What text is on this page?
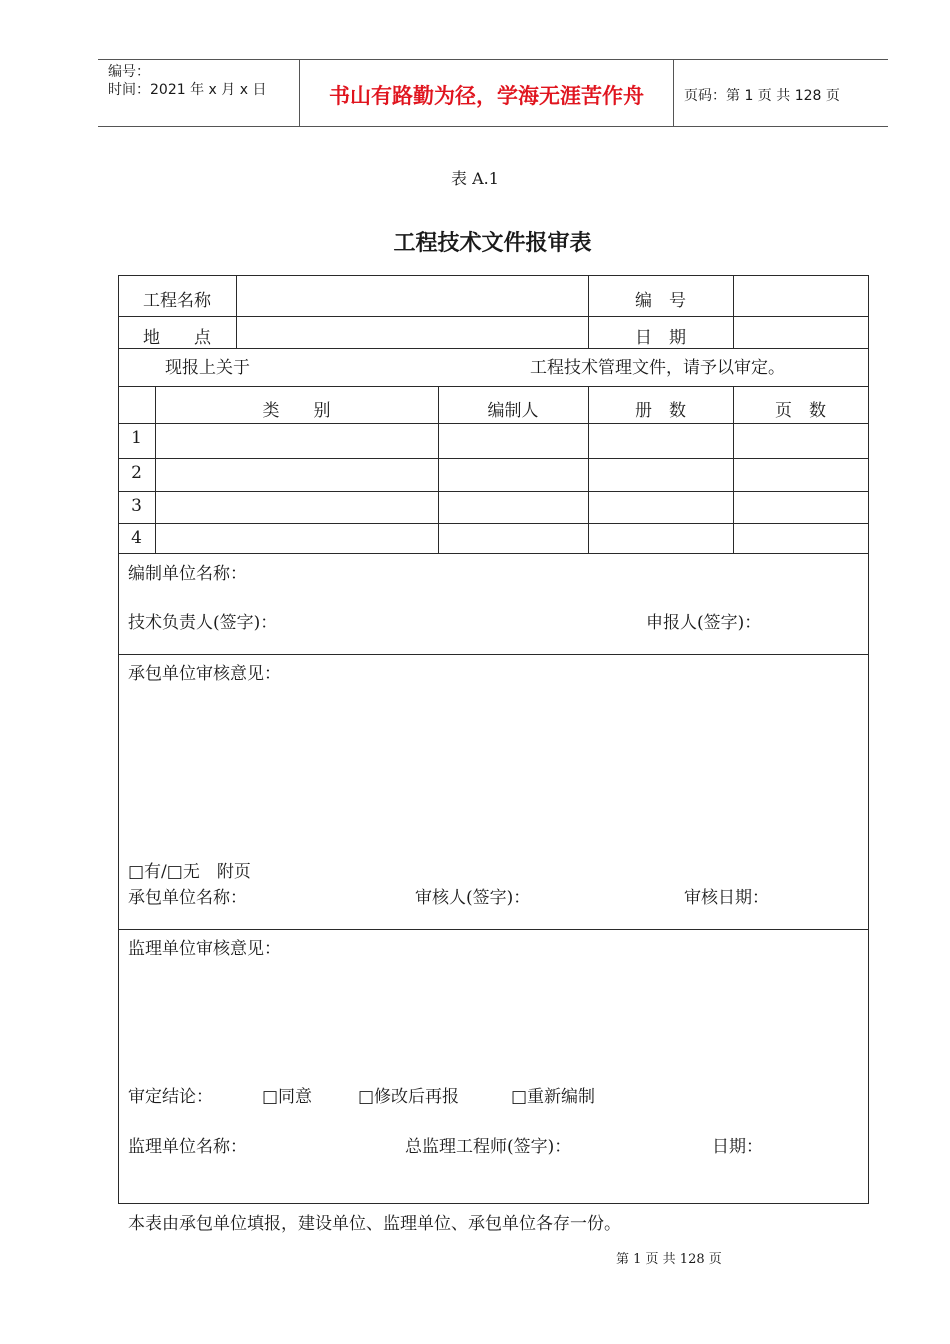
编号：
时间：2021 年 x 月 x 日	书山有路勤为径，学海无涯苦作舟	页码：第 1 页 共 128 页
表 A.1
工程技术文件报审表
工程名称	编　号
地　　点	日　期
现报上关于	工程技术管理文件，请予以审定。
类　　别	编制人	册　数	页　数
1
2
3
4
编制单位名称：
技术负责人(签字)：	申报人(签字)：
承包单位审核意见：
□有/□无　附页
承包单位名称：	审核人(签字)：	审核日期：
监理单位审核意见：
审定结论：	□同意	□修改后再报	□重新编制
监理单位名称：	总监理工程师(签字)：	日期：
本表由承包单位填报，建设单位、监理单位、承包单位各存一份。
第 1 页 共 128 页
